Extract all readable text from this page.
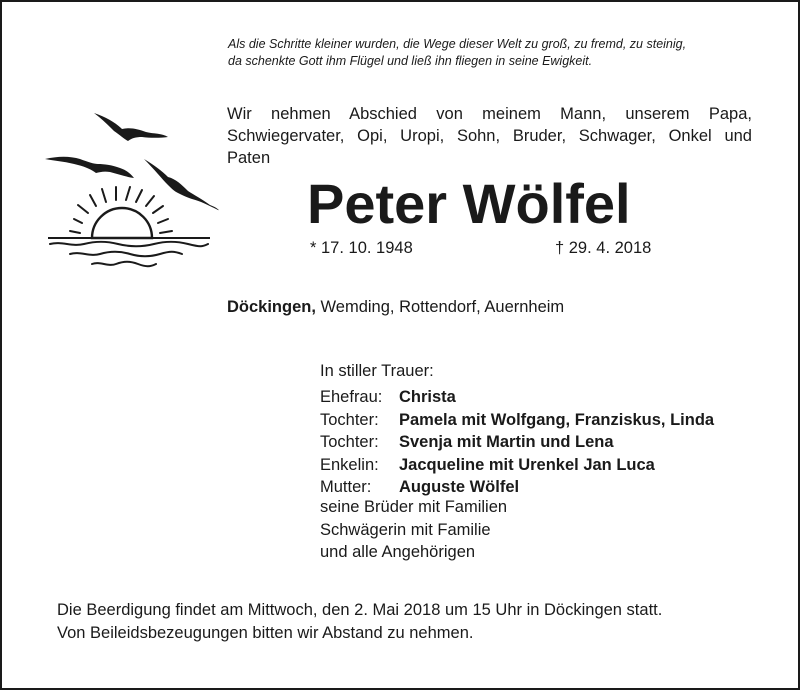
Als die Schritte kleiner wurden, die Wege dieser Welt zu groß, zu fremd, zu steinig,
da schenkte Gott ihm Flügel und ließ ihn fliegen in seine Ewigkeit.
Wir nehmen Abschied von meinem Mann, unserem Papa,
Schwiegervater, Opi, Uropi, Sohn, Bruder, Schwager, Onkel und
Paten
Peter Wölfel
* 17. 10. 1948	† 29. 4. 2018
Döckingen, Wemding, Rottendorf, Auernheim
In stiller Trauer:
Ehefrau:	Christa
Tochter:	Pamela mit Wolfgang, Franziskus, Linda
Tochter:	Svenja mit Martin und Lena
Enkelin:	Jacqueline mit Urenkel Jan Luca
Mutter:	Auguste Wölfel
seine Brüder mit Familien
Schwägerin mit Familie
und alle Angehörigen
Die Beerdigung findet am Mittwoch, den 2. Mai 2018 um 15 Uhr in Döckingen statt.
Von Beileidsbezeugungen bitten wir Abstand zu nehmen.
